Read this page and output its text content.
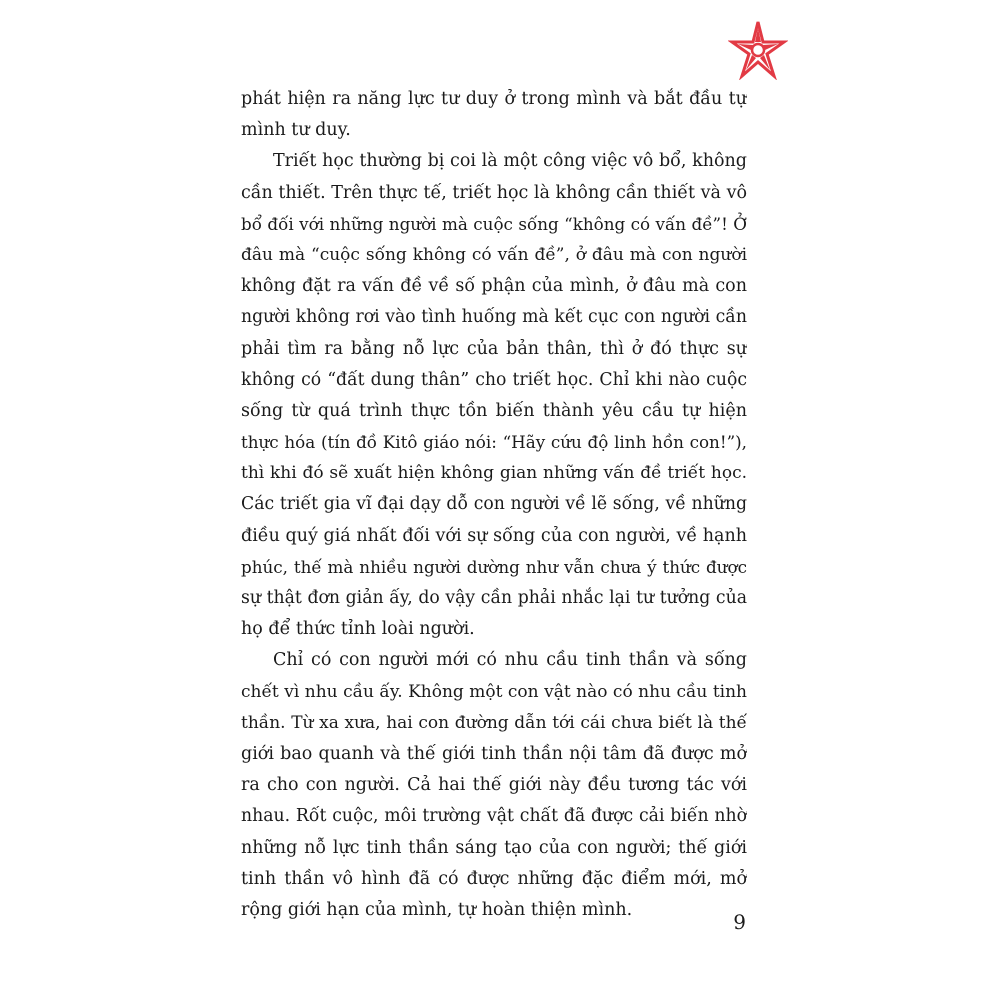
phát hiện ra năng lực tư duy ở trong mình và bắt đầu tự
mình tư duy.
Triết học thường bị coi là một công việc vô bổ, không
cần thiết. Trên thực tế, triết học là không cần thiết và vô
bổ đối với những người mà cuộc sống “không có vấn đề”! Ở
đâu mà “cuộc sống không có vấn đề”, ở đâu mà con người
không đặt ra vấn đề về số phận của mình, ở đâu mà con
người không rơi vào tình huống mà kết cục con người cần
phải tìm ra bằng nỗ lực của bản thân, thì ở đó thực sự
không có “đất dung thân” cho triết học. Chỉ khi nào cuộc
sống từ quá trình thực tồn biến thành yêu cầu tự hiện
thực hóa (tín đồ Kitô giáo nói: “Hãy cứu độ linh hồn con!”),
thì khi đó sẽ xuất hiện không gian những vấn đề triết học.
Các triết gia vĩ đại dạy dỗ con người về lẽ sống, về những
điều quý giá nhất đối với sự sống của con người, về hạnh
phúc, thế mà nhiều người dường như vẫn chưa ý thức được
sự thật đơn giản ấy, do vậy cần phải nhắc lại tư tưởng của
họ để thức tỉnh loài người.
Chỉ có con người mới có nhu cầu tinh thần và sống
chết vì nhu cầu ấy. Không một con vật nào có nhu cầu tinh
thần. Từ xa xưa, hai con đường dẫn tới cái chưa biết là thế
giới bao quanh và thế giới tinh thần nội tâm đã được mở
ra cho con người. Cả hai thế giới này đều tương tác với
nhau. Rốt cuộc, môi trường vật chất đã được cải biến nhờ
những nỗ lực tinh thần sáng tạo của con người; thế giới
tinh thần vô hình đã có được những đặc điểm mới, mở
rộng giới hạn của mình, tự hoàn thiện mình.
9
